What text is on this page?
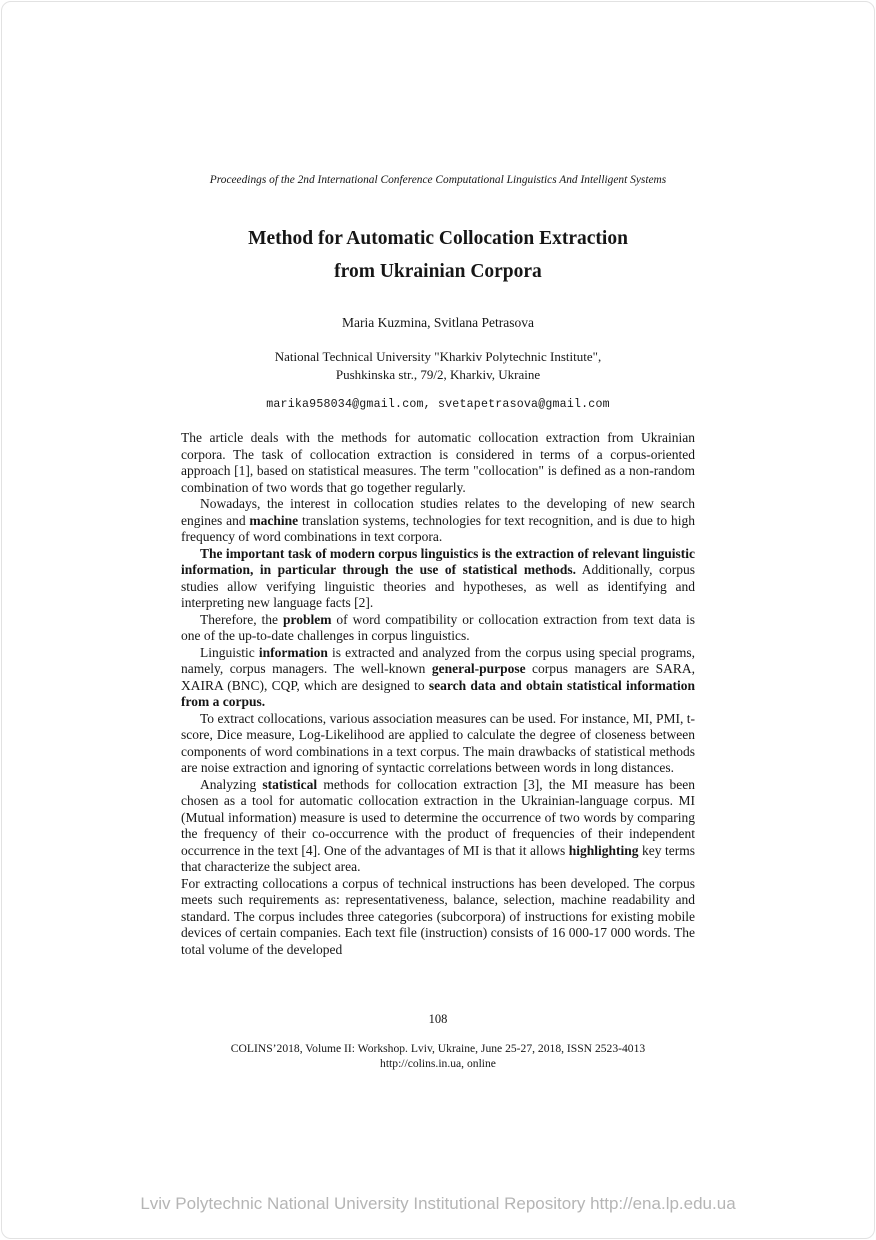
Proceedings of the 2nd International Conference Computational Linguistics And Intelligent Systems
Method for Automatic Collocation Extraction
from Ukrainian Corpora
Maria Kuzmina, Svitlana Petrasova
National Technical University "Kharkiv Polytechnic Institute",
Pushkinska str., 79/2, Kharkiv, Ukraine
marika958034@gmail.com, svetapetrasova@gmail.com

The article deals with the methods for automatic collocation extraction from Ukrainian corpora. The task of collocation extraction is considered in terms of a corpus-oriented approach [1], based on statistical measures. The term "collocation" is defined as a non-random combination of two words that go together regularly.

Nowadays, the interest in collocation studies relates to the developing of new search engines and machine translation systems, technologies for text recognition, and is due to high frequency of word combinations in text corpora.

The important task of modern corpus linguistics is the extraction of relevant linguistic information, in particular through the use of statistical methods. Additionally, corpus studies allow verifying linguistic theories and hypotheses, as well as identifying and interpreting new language facts [2].

Therefore, the problem of word compatibility or collocation extraction from text data is one of the up-to-date challenges in corpus linguistics.

Linguistic information is extracted and analyzed from the corpus using special programs, namely, corpus managers. The well-known general-purpose corpus managers are SARA, XAIRA (BNC), CQP, which are designed to search data and obtain statistical information from a corpus.

To extract collocations, various association measures can be used. For instance, MI, PMI, t-score, Dice measure, Log-Likelihood are applied to calculate the degree of closeness between components of word combinations in a text corpus. The main drawbacks of statistical methods are noise extraction and ignoring of syntactic correlations between words in long distances.

Analyzing statistical methods for collocation extraction [3], the MI measure has been chosen as a tool for automatic collocation extraction in the Ukrainian-language corpus. MI (Mutual information) measure is used to determine the occurrence of two words by comparing the frequency of their co-occurrence with the product of frequencies of their independent occurrence in the text [4]. One of the advantages of MI is that it allows highlighting key terms that characterize the subject area.

For extracting collocations a corpus of technical instructions has been developed. The corpus meets such requirements as: representativeness, balance, selection, machine readability and standard. The corpus includes three categories (subcorpora) of instructions for existing mobile devices of certain companies. Each text file (instruction) consists of 16 000-17 000 words. The total volume of the developed

108
COLINS’2018, Volume II: Workshop. Lviv, Ukraine, June 25-27, 2018, ISSN 2523-4013
http://colins.in.ua, online
Lviv Polytechnic National University Institutional Repository http://ena.lp.edu.ua
